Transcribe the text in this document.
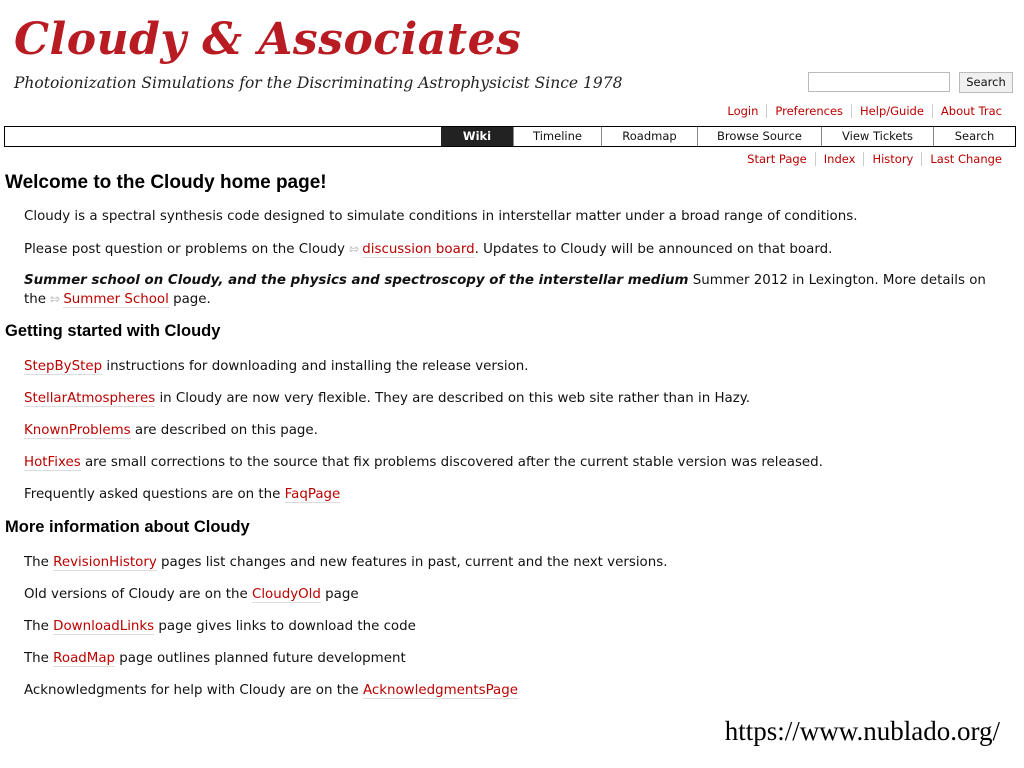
Cloudy & Associates
Photoionization Simulations for the Discriminating Astrophysicist Since 1978	Search
Login	Preferences	Help/Guide	About Trac
Wiki	Timeline	Roadmap	Browse Source	View Tickets	Search
Start Page	Index	History	Last Change
Welcome to the Cloudy home page!

Cloudy is a spectral synthesis code designed to simulate conditions in interstellar matter under a broad range of conditions.

Please post question or problems on the Cloudy ⇰ discussion board. Updates to Cloudy will be announced on that board.

Summer school on Cloudy, and the physics and spectroscopy of the interstellar medium Summer 2012 in Lexington. More details on the ⇰ Summer School page.

Getting started with Cloudy

StepByStep instructions for downloading and installing the release version.

StellarAtmospheres in Cloudy are now very flexible. They are described on this web site rather than in Hazy.

KnownProblems are described on this page.

HotFixes are small corrections to the source that fix problems discovered after the current stable version was released.

Frequently asked questions are on the FaqPage

More information about Cloudy

The RevisionHistory pages list changes and new features in past, current and the next versions.

Old versions of Cloudy are on the CloudyOld page

The DownloadLinks page gives links to download the code

The RoadMap page outlines planned future development

Acknowledgments for help with Cloudy are on the AcknowledgmentsPage

https://www.nublado.org/
